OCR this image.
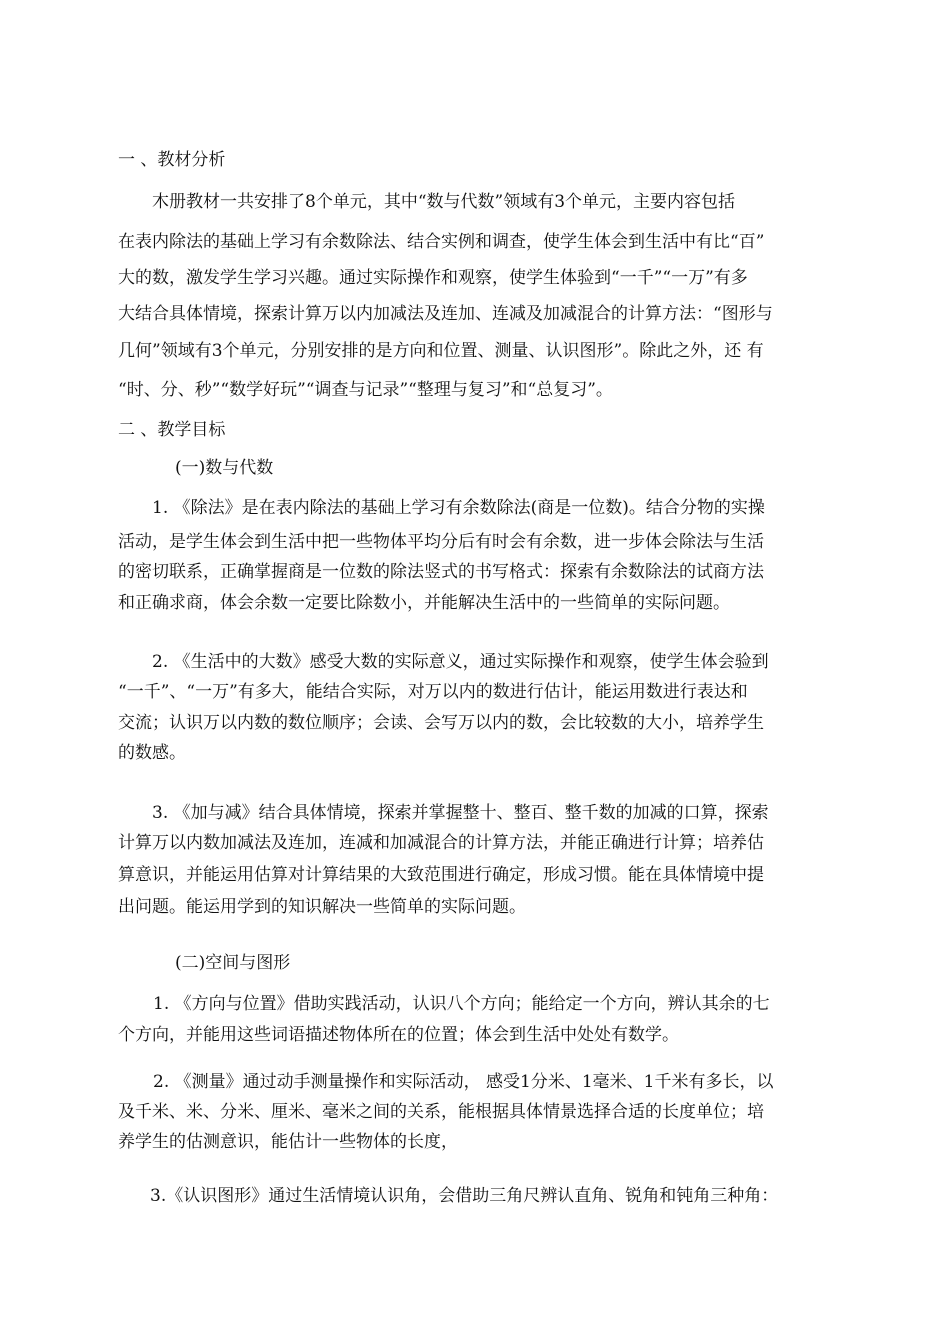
一 、教材分析
木册教材一共安排了8个单元，其中“数与代数”领域有3个单元，主要内容包括
在表内除法的基础上学习有余数除法、结合实例和调查，使学生体会到生活中有比“百”
大的数，激发学生学习兴趣。通过实际操作和观察，使学生体验到“一千”“一万”有多
大结合具体情境，探索计算万以内加减法及连加、连减及加减混合的计算方法：“图形与
几何”领域有3个单元，分别安排的是方向和位置、测量、认识图形”。除此之外，还 有
“时、分、秒”“数学好玩”“调查与记录”“整理与复习”和“总复习”。
二 、教学目标
(一)数与代数
1. 《除法》是在表内除法的基础上学习有余数除法(商是一位数)。结合分物的实操
活动，是学生体会到生活中把一些物体平均分后有时会有余数，进一步体会除法与生活
的密切联系，正确掌握商是一位数的除法竖式的书写格式：探索有余数除法的试商方法
和正确求商，体会余数一定要比除数小，并能解决生活中的一些简单的实际问题。
2. 《生活中的大数》感受大数的实际意义，通过实际操作和观察，使学生体会验到
“一千”、“一万”有多大，能结合实际，对万以内的数进行估计，能运用数进行表达和
交流；认识万以内数的数位顺序；会读、会写万以内的数，会比较数的大小，培养学生
的数感。
3. 《加与减》结合具体情境，探索并掌握整十、整百、整千数的加减的口算，探索
计算万以内数加减法及连加，连减和加减混合的计算方法，并能正确进行计算；培养估
算意识，并能运用估算对计算结果的大致范围进行确定，形成习惯。能在具体情境中提
出问题。能运用学到的知识解决一些简单的实际问题。
(二)空间与图形
1. 《方向与位置》借助实践活动，认识八个方向；能给定一个方向，辨认其余的七
个方向，并能用这些词语描述物体所在的位置；体会到生活中处处有数学。
2. 《测量》通过动手测量操作和实际活动， 感受1分米、1毫米、1千米有多长，以
及千米、米、分米、厘米、毫米之间的关系，能根据具体情景选择合适的长度单位；培
养学生的估测意识，能估计一些物体的长度，
3.《认识图形》通过生活情境认识角，会借助三角尺辨认直角、锐角和钝角三种角：
